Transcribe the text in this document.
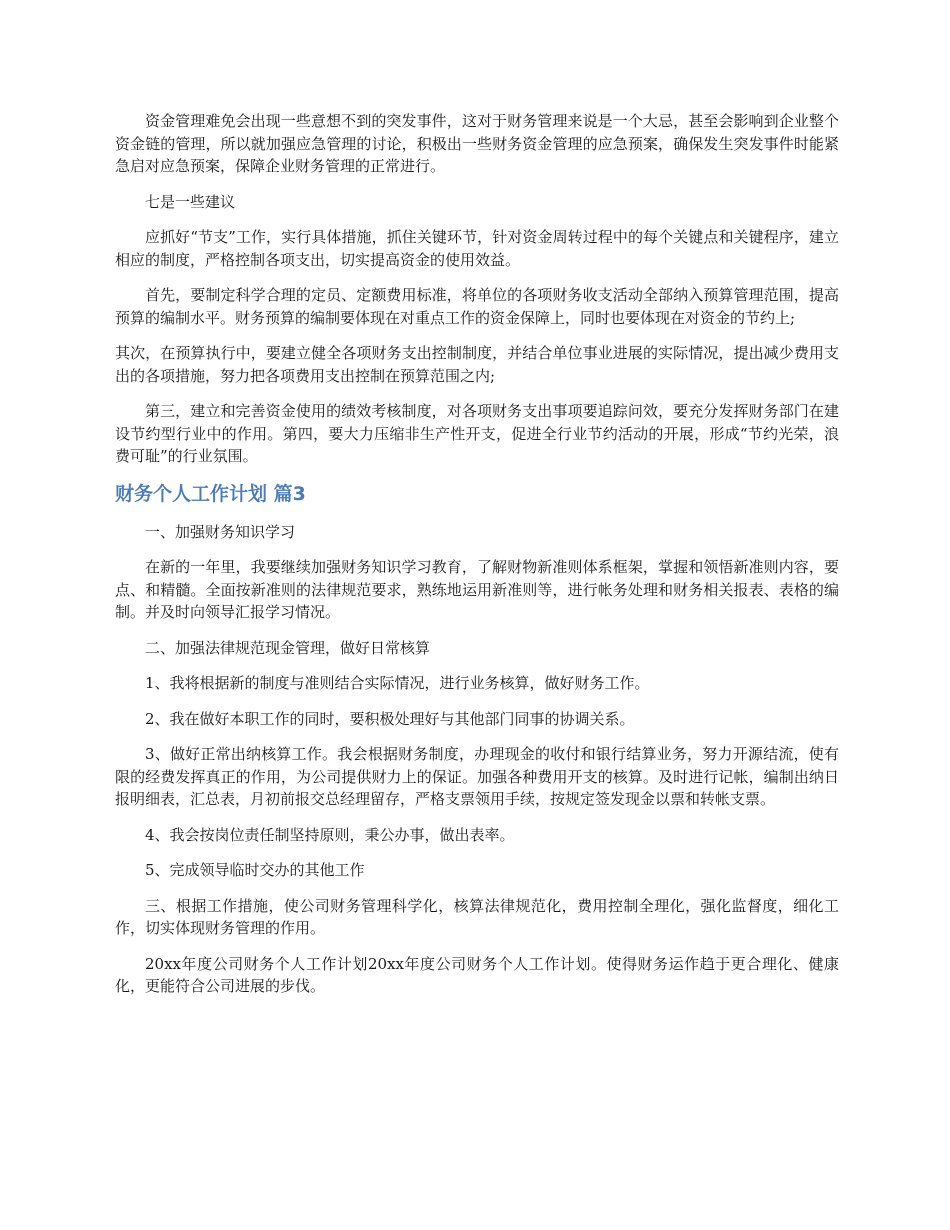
资金管理难免会出现一些意想不到的突发事件，这对于财务管理来说是一个大忌，甚至会影响到企业整个资金链的管理，所以就加强应急管理的讨论，积极出一些财务资金管理的应急预案，确保发生突发事件时能紧急启对应急预案，保障企业财务管理的正常进行。

七是一些建议

应抓好“节支”工作，实行具体措施，抓住关键环节，针对资金周转过程中的每个关键点和关键程序，建立相应的制度，严格控制各项支出，切实提高资金的使用效益。

首先，要制定科学合理的定员、定额费用标准，将单位的各项财务收支活动全部纳入预算管理范围，提高预算的编制水平。财务预算的编制要体现在对重点工作的资金保障上，同时也要体现在对资金的节约上;

其次，在预算执行中，要建立健全各项财务支出控制制度，并结合单位事业进展的实际情况，提出减少费用支出的各项措施，努力把各项费用支出控制在预算范围之内;

第三，建立和完善资金使用的绩效考核制度，对各项财务支出事项要追踪问效，要充分发挥财务部门在建设节约型行业中的作用。第四，要大力压缩非生产性开支，促进全行业节约活动的开展，形成“节约光荣，浪费可耻”的行业氛围。

财务个人工作计划 篇3

一、加强财务知识学习

在新的一年里，我要继续加强财务知识学习教育，了解财物新准则体系框架，掌握和领悟新准则内容，要点、和精髓。全面按新准则的法律规范要求，熟练地运用新准则等，进行帐务处理和财务相关报表、表格的编制。并及时向领导汇报学习情况。

二、加强法律规范现金管理，做好日常核算

1、我将根据新的制度与准则结合实际情况，进行业务核算，做好财务工作。

2、我在做好本职工作的同时，要积极处理好与其他部门同事的协调关系。

3、做好正常出纳核算工作。我会根据财务制度，办理现金的收付和银行结算业务，努力开源结流，使有限的经费发挥真正的作用，为公司提供财力上的保证。加强各种费用开支的核算。及时进行记帐，编制出纳日报明细表，汇总表，月初前报交总经理留存，严格支票领用手续，按规定签发现金以票和转帐支票。

4、我会按岗位责任制坚持原则，秉公办事，做出表率。

5、完成领导临时交办的其他工作

三、根据工作措施，使公司财务管理科学化，核算法律规范化，费用控制全理化，强化监督度，细化工作，切实体现财务管理的作用。

20xx年度公司财务个人工作计划20xx年度公司财务个人工作计划。使得财务运作趋于更合理化、健康化，更能符合公司进展的步伐。
